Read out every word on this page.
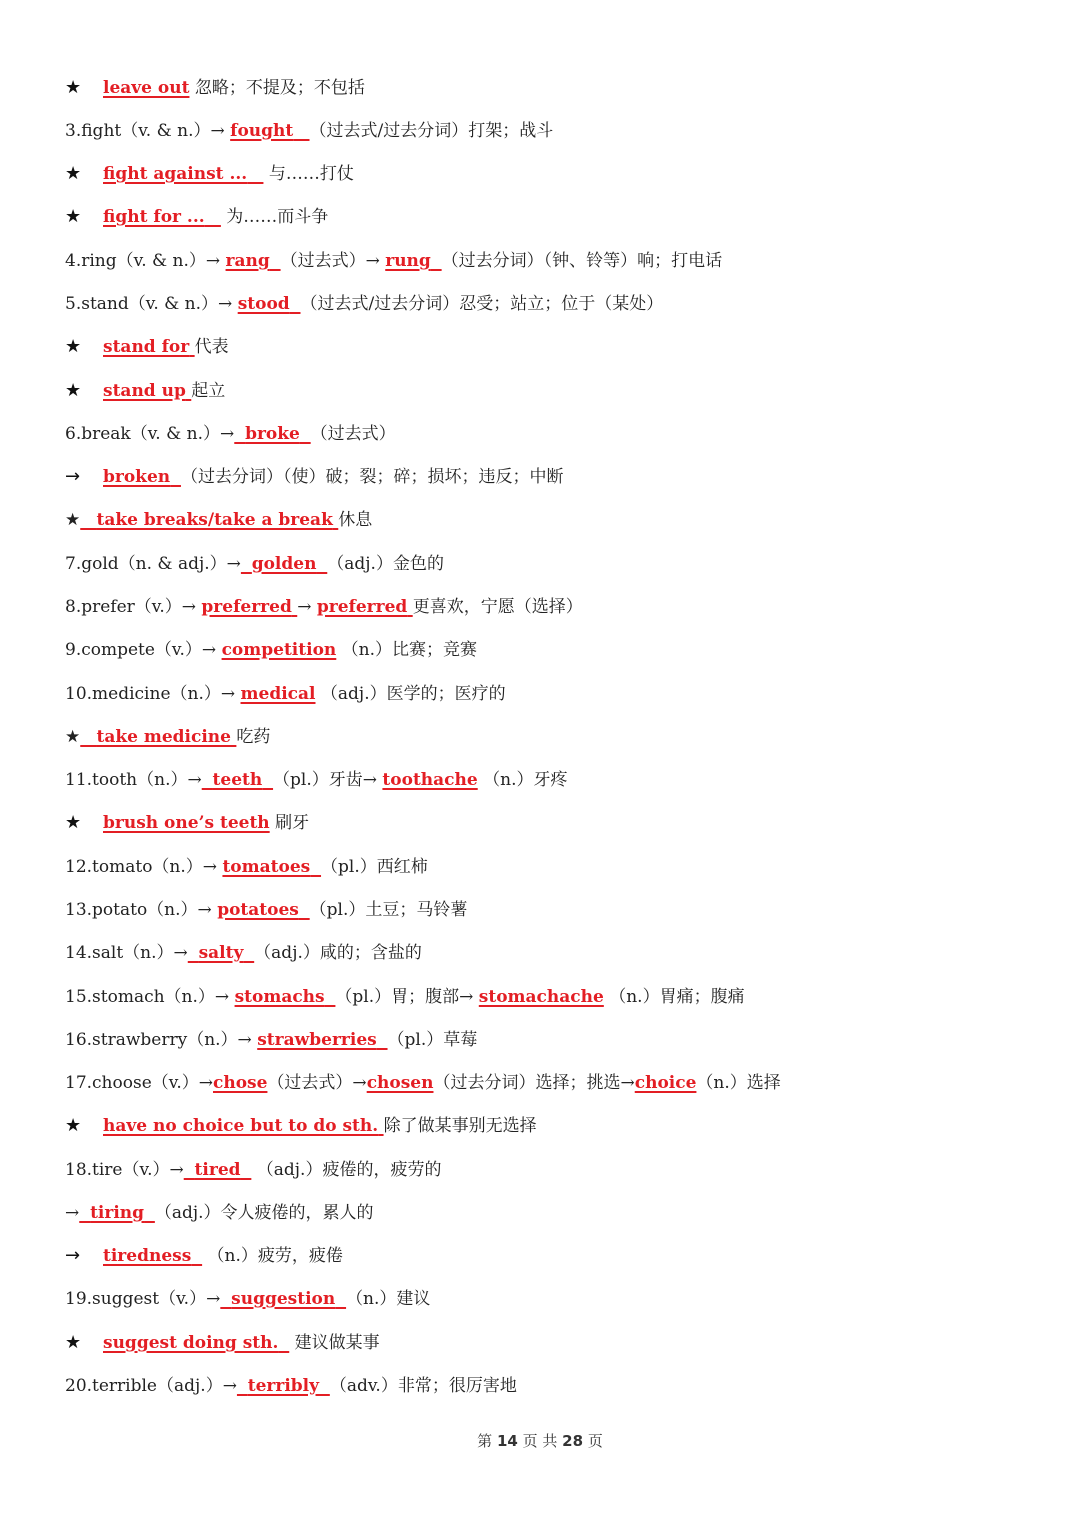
★ leave out 忽略；不提及；不包括
3.fight（v. & n.）→ fought （过去式/过去分词）打架；战斗
★ fight against ...    与……打仗
★ fight for ...    为……而斗争
4.ring（v. & n.）→ rang （过去式）→ rung （过去分词）（钟、铃等）响；打电话
5.stand（v. & n.）→ stood （过去式/过去分词）忍受；站立；位于（某处）
★ stand for 代表
★ stand up 起立
6.break（v. & n.）→ broke （过去式）
→ broken （过去分词）（使）破；裂；碎；损坏；违反；中断
★ take breaks/take a break 休息
7.gold（n. & adj.）→ golden （adj.）金色的
8.prefer（v.）→ preferred → preferred 更喜欢，宁愿（选择）
9.compete（v.）→ competition （n.）比赛；竞赛
10.medicine（n.）→ medical （adj.）医学的；医疗的
★ take medicine 吃药
11.tooth（n.）→ teeth （pl.）牙齿→ toothache （n.）牙疼
★ brush one’s teeth 刷牙
12.tomato（n.）→ tomatoes （pl.）西红柿
13.potato（n.）→ potatoes （pl.）土豆；马铃薯
14.salt（n.）→ salty （adj.）咸的；含盐的
15.stomach（n.）→ stomachs （pl.）胃；腹部→ stomachache （n.）胃痛；腹痛
16.strawberry（n.）→ strawberries （pl.）草莓
17.choose（v.）→chose（过去式）→chosen（过去分词）选择；挑选→choice（n.）选择
★ have no choice but to do sth. 除了做某事别无选择
18.tire（v.）→ tired   （adj.）疲倦的，疲劳的
→ tiring （adj.）令人疲倦的，累人的
→ tiredness   （n.）疲劳，疲倦
19.suggest（v.）→ suggestion （n.）建议
★ suggest doing sth.   建议做某事
20.terrible（adj.）→ terribly （adv.）非常；很厉害地
第 14 页 共 28 页
